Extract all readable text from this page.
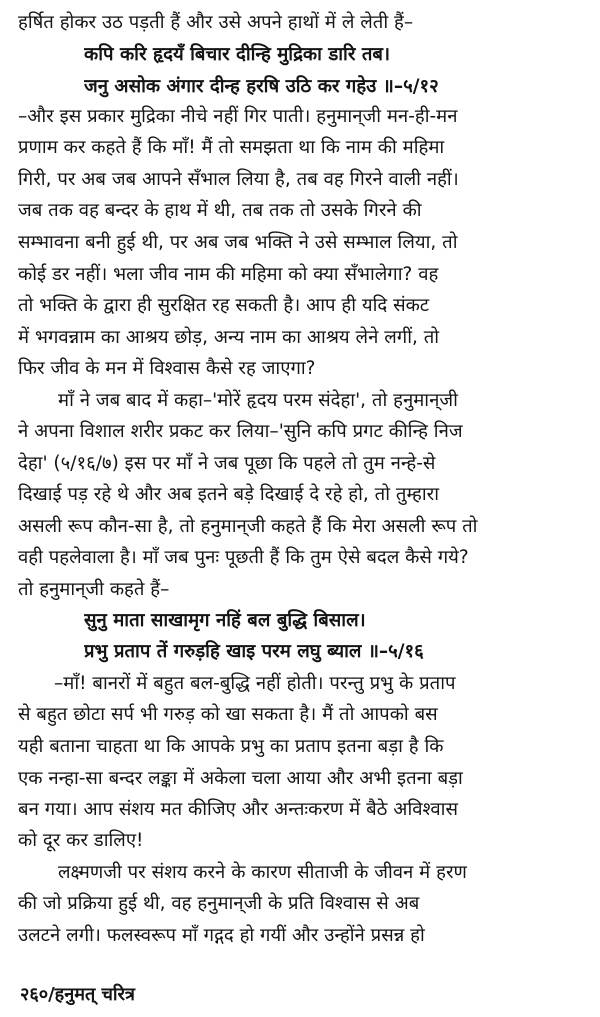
हर्षित होकर उठ पड़ती हैं और उसे अपने हाथों में ले लेती हैं–
कपि करि हृदयँ बिचार दीन्हि मुद्रिका डारि तब।
जनु असोक अंगार दीन्ह हरषि उठि कर गहेउ ॥–५/१२
–और इस प्रकार मुद्रिका नीचे नहीं गिर पाती। हनुमान्‌जी मन-ही-मन
प्रणाम कर कहते हैं कि माँ! मैं तो समझता था कि नाम की महिमा
गिरी, पर अब जब आपने सँभाल लिया है, तब वह गिरने वाली नहीं।
जब तक वह बन्दर के हाथ में थी, तब तक तो उसके गिरने की
सम्भावना बनी हुई थी, पर अब जब भक्ति ने उसे सम्भाल लिया, तो
कोई डर नहीं। भला जीव नाम की महिमा को क्या सँभालेगा? वह
तो भक्ति के द्वारा ही सुरक्षित रह सकती है। आप ही यदि संकट
में भगवन्नाम का आश्रय छोड़, अन्य नाम का आश्रय लेने लगीं, तो
फिर जीव के मन में विश्वास कैसे रह जाएगा?
माँ ने जब बाद में कहा–'मोरें हृदय परम संदेहा', तो हनुमान्‌जी
ने अपना विशाल शरीर प्रकट कर लिया–'सुनि कपि प्रगट कीन्हि निज
देहा' (५/१६/७) इस पर माँ ने जब पूछा कि पहले तो तुम नन्हे-से
दिखाई पड़ रहे थे और अब इतने बड़े दिखाई दे रहे हो, तो तुम्हारा
असली रूप कौन-सा है, तो हनुमान्‌जी कहते हैं कि मेरा असली रूप तो
वही पहलेवाला है। माँ जब पुनः पूछती हैं कि तुम ऐसे बदल कैसे गये?
तो हनुमान्‌जी कहते हैं–
सुनु माता साखामृग नहिं बल बुद्धि बिसाल।
प्रभु प्रताप तें गरुड़हि खाइ परम लघु ब्याल ॥–५/१६
–माँ! बानरों में बहुत बल-बुद्धि नहीं होती। परन्तु प्रभु के प्रताप
से बहुत छोटा सर्प भी गरुड़ को खा सकता है। मैं तो आपको बस
यही बताना चाहता था कि आपके प्रभु का प्रताप इतना बड़ा है कि
एक नन्हा-सा बन्दर लङ्का में अकेला चला आया और अभी इतना बड़ा
बन गया। आप संशय मत कीजिए और अन्तःकरण में बैठे अविश्वास
को दूर कर डालिए!
लक्ष्मणजी पर संशय करने के कारण सीताजी के जीवन में हरण
की जो प्रक्रिया हुई थी, वह हनुमान्‌जी के प्रति विश्वास से अब
उलटने लगी। फलस्वरूप माँ गद्गद हो गयीं और उन्होंने प्रसन्न हो
२६०/हनुमत् चरित्र
